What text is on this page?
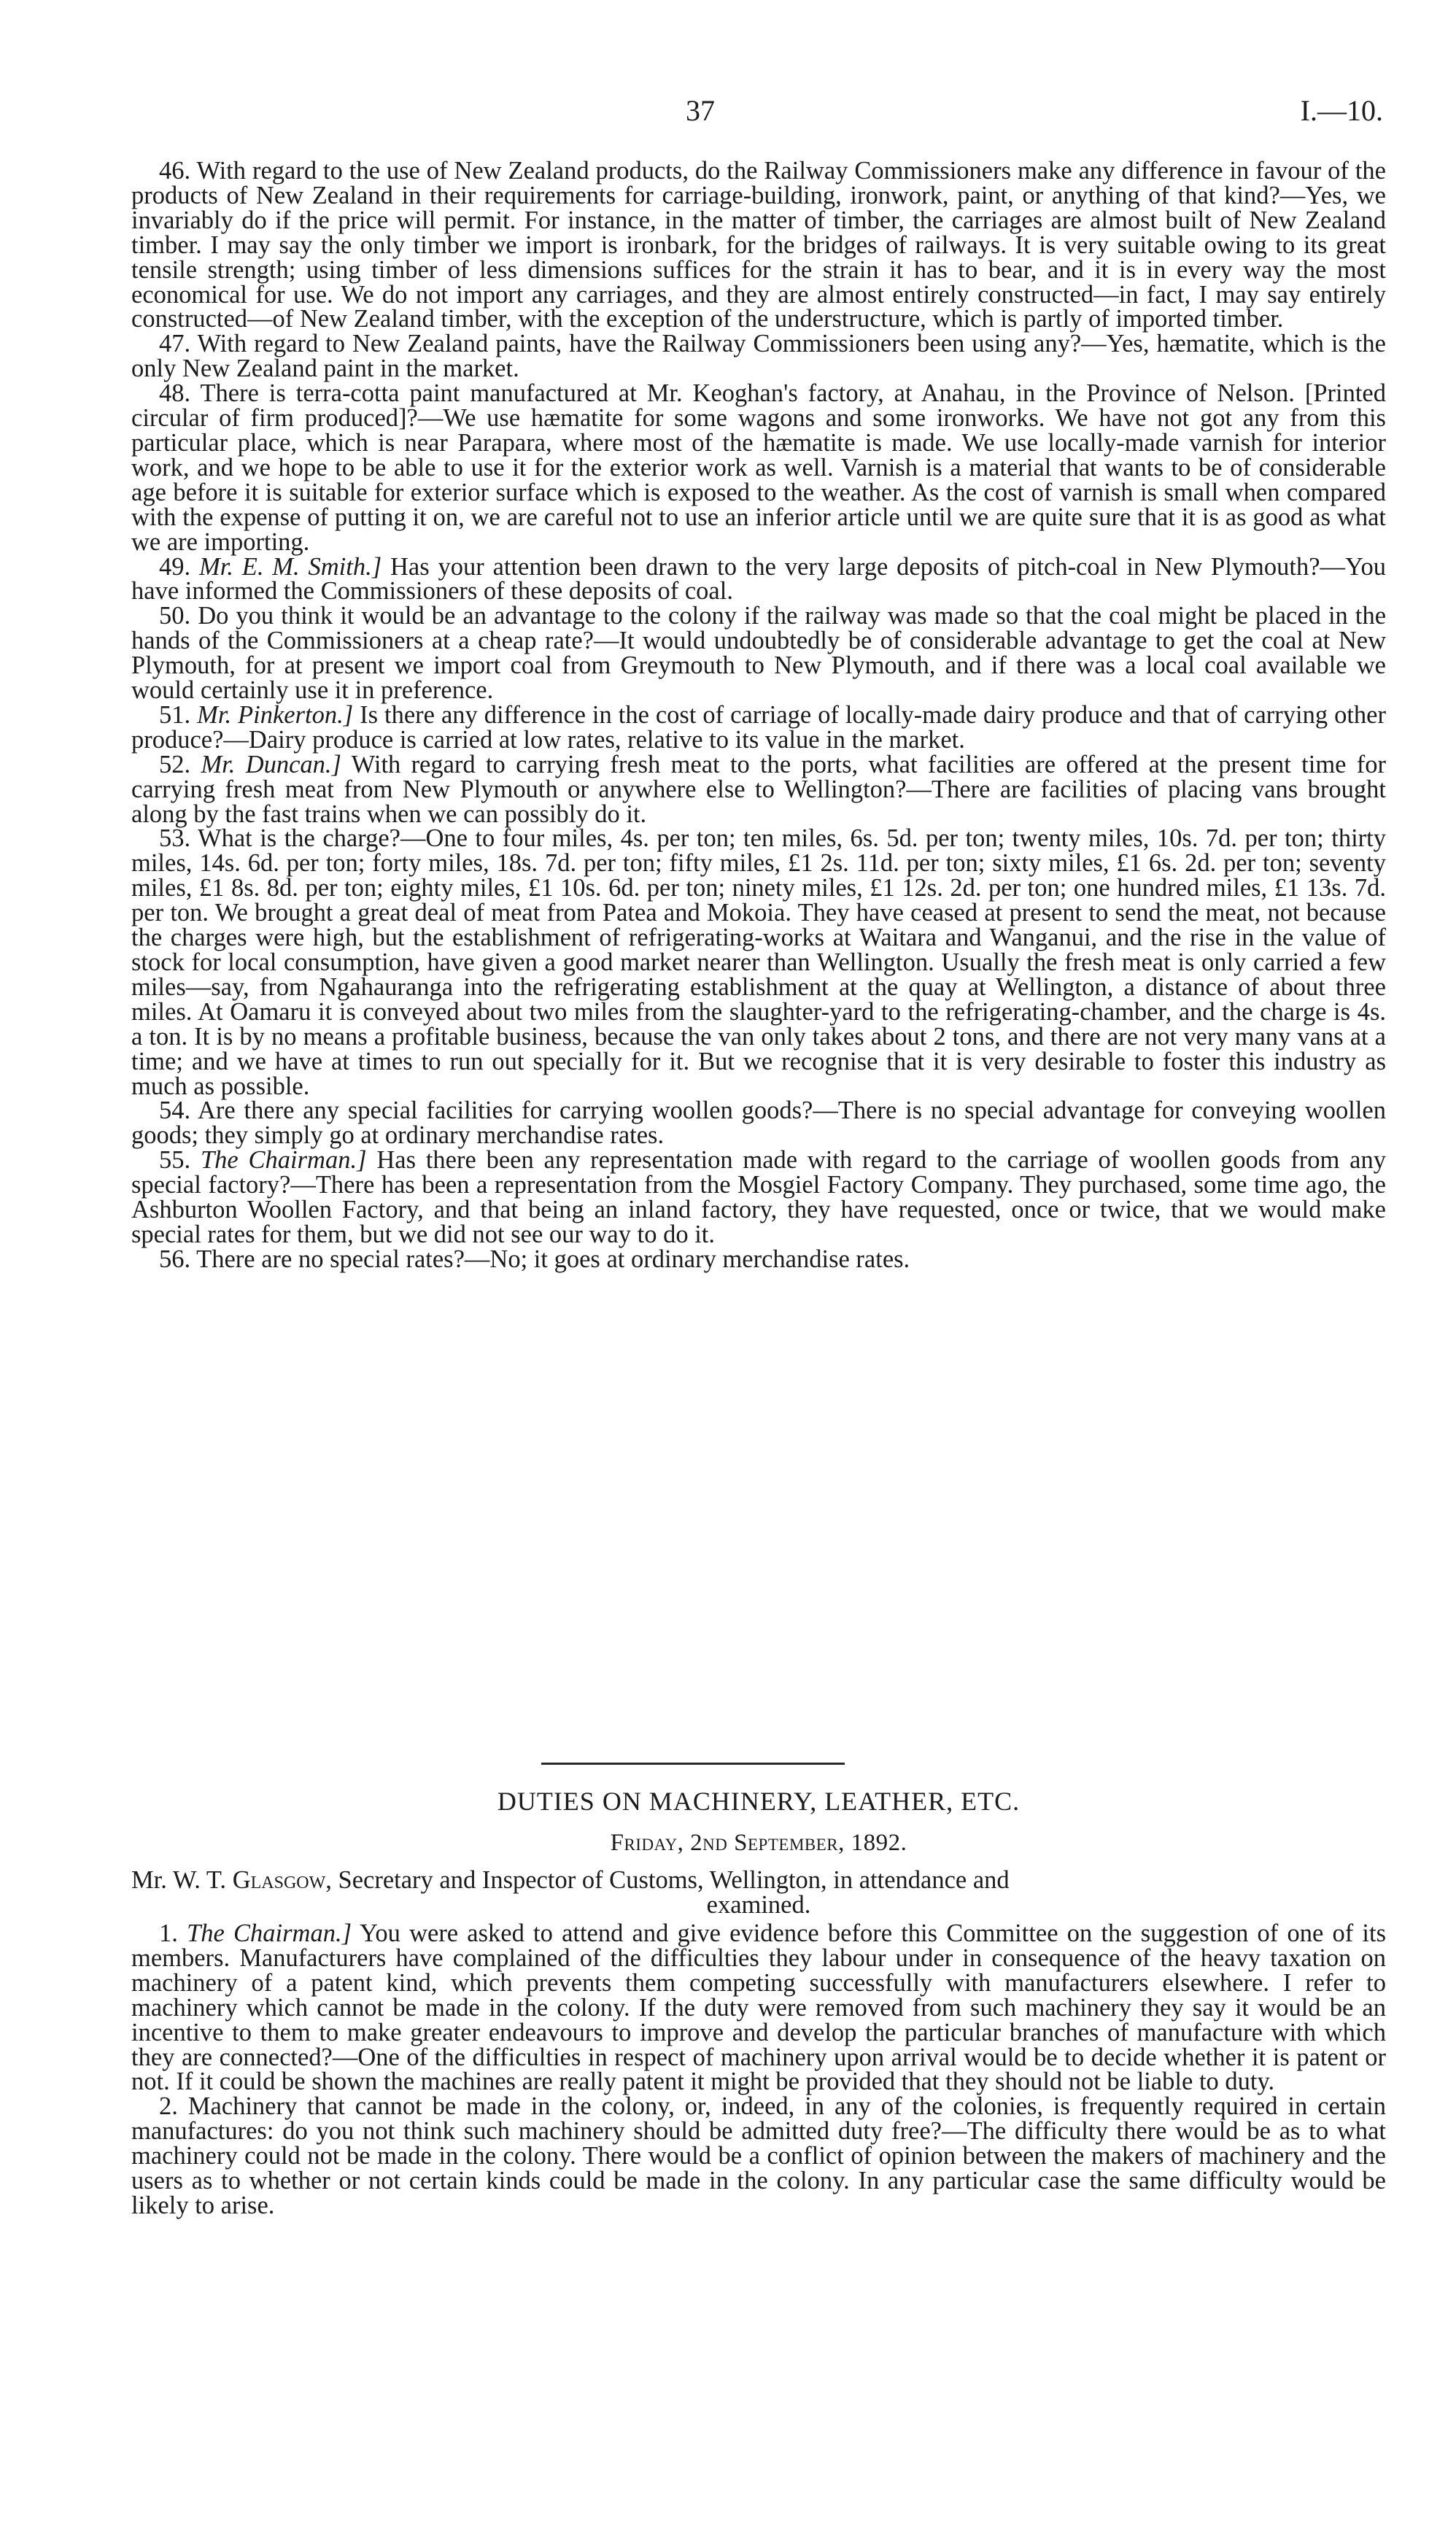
37	I.—10.

46. With regard to the use of New Zealand products, do the Railway Commissioners make any difference in favour of the products of New Zealand in their requirements for carriage-building, ironwork, paint, or anything of that kind?—Yes, we invariably do if the price will permit. For instance, in the matter of timber, the carriages are almost built of New Zealand timber. I may say the only timber we import is ironbark, for the bridges of railways. It is very suitable owing to its great tensile strength; using timber of less dimensions suffices for the strain it has to bear, and it is in every way the most economical for use. We do not import any carriages, and they are almost entirely constructed—in fact, I may say entirely constructed—of New Zealand timber, with the exception of the understructure, which is partly of imported timber.

47. With regard to New Zealand paints, have the Railway Commissioners been using any?—Yes, hæmatite, which is the only New Zealand paint in the market.

48. There is terra-cotta paint manufactured at Mr. Keoghan's factory, at Anahau, in the Province of Nelson. [Printed circular of firm produced]?—We use hæmatite for some wagons and some ironworks. We have not got any from this particular place, which is near Parapara, where most of the hæmatite is made. We use locally-made varnish for interior work, and we hope to be able to use it for the exterior work as well. Varnish is a material that wants to be of considerable age before it is suitable for exterior surface which is exposed to the weather. As the cost of varnish is small when compared with the expense of putting it on, we are careful not to use an inferior article until we are quite sure that it is as good as what we are importing.

49. Mr. E. M. Smith.] Has your attention been drawn to the very large deposits of pitch-coal in New Plymouth?—You have informed the Commissioners of these deposits of coal.

50. Do you think it would be an advantage to the colony if the railway was made so that the coal might be placed in the hands of the Commissioners at a cheap rate?—It would undoubtedly be of considerable advantage to get the coal at New Plymouth, for at present we import coal from Greymouth to New Plymouth, and if there was a local coal available we would certainly use it in preference.

51. Mr. Pinkerton.] Is there any difference in the cost of carriage of locally-made dairy produce and that of carrying other produce?—Dairy produce is carried at low rates, relative to its value in the market.

52. Mr. Duncan.] With regard to carrying fresh meat to the ports, what facilities are offered at the present time for carrying fresh meat from New Plymouth or anywhere else to Wellington?—There are facilities of placing vans brought along by the fast trains when we can possibly do it.

53. What is the charge?—One to four miles, 4s. per ton; ten miles, 6s. 5d. per ton; twenty miles, 10s. 7d. per ton; thirty miles, 14s. 6d. per ton; forty miles, 18s. 7d. per ton; fifty miles, £1 2s. 11d. per ton; sixty miles, £1 6s. 2d. per ton; seventy miles, £1 8s. 8d. per ton; eighty miles, £1 10s. 6d. per ton; ninety miles, £1 12s. 2d. per ton; one hundred miles, £1 13s. 7d. per ton. We brought a great deal of meat from Patea and Mokoia. They have ceased at present to send the meat, not because the charges were high, but the establishment of refrigerating-works at Waitara and Wanganui, and the rise in the value of stock for local consumption, have given a good market nearer than Wellington. Usually the fresh meat is only carried a few miles—say, from Ngahauranga into the refrigerating establishment at the quay at Wellington, a distance of about three miles. At Oamaru it is conveyed about two miles from the slaughter-yard to the refrigerating-chamber, and the charge is 4s. a ton. It is by no means a profitable business, because the van only takes about 2 tons, and there are not very many vans at a time; and we have at times to run out specially for it. But we recognise that it is very desirable to foster this industry as much as possible.

54. Are there any special facilities for carrying woollen goods?—There is no special advantage for conveying woollen goods; they simply go at ordinary merchandise rates.

55. The Chairman.] Has there been any representation made with regard to the carriage of woollen goods from any special factory?—There has been a representation from the Mosgiel Factory Company. They purchased, some time ago, the Ashburton Woollen Factory, and that being an inland factory, they have requested, once or twice, that we would make special rates for them, but we did not see our way to do it.

56. There are no special rates?—No; it goes at ordinary merchandise rates.

DUTIES ON MACHINERY, LEATHER, ETC.
Friday, 2nd September, 1892.

Mr. W. T. Glasgow, Secretary and Inspector of Customs, Wellington, in attendance and

examined.

1. The Chairman.] You were asked to attend and give evidence before this Committee on the suggestion of one of its members. Manufacturers have complained of the difficulties they labour under in consequence of the heavy taxation on machinery of a patent kind, which prevents them competing successfully with manufacturers elsewhere. I refer to machinery which cannot be made in the colony. If the duty were removed from such machinery they say it would be an incentive to them to make greater endeavours to improve and develop the particular branches of manufacture with which they are connected?—One of the difficulties in respect of machinery upon arrival would be to decide whether it is patent or not. If it could be shown the machines are really patent it might be provided that they should not be liable to duty.

2. Machinery that cannot be made in the colony, or, indeed, in any of the colonies, is frequently required in certain manufactures: do you not think such machinery should be admitted duty free?—The difficulty there would be as to what machinery could not be made in the colony. There would be a conflict of opinion between the makers of machinery and the users as to whether or not certain kinds could be made in the colony. In any particular case the same difficulty would be likely to arise.
